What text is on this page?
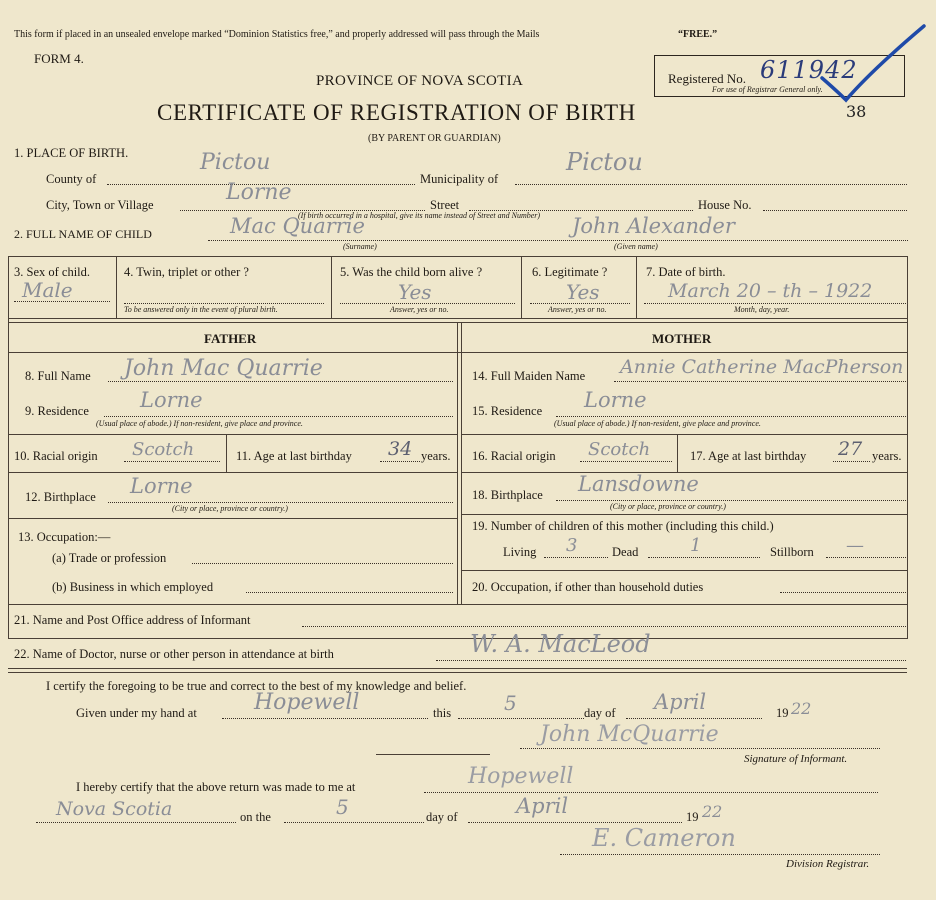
This form if placed in an unsealed envelope marked “Dominion Statistics free,” and properly addressed will pass through the Mails	“FREE.”
FORM 4.
PROVINCE OF NOVA SCOTIA	Registered No. 611942
For use of Registrar General only.
38
CERTIFICATE OF REGISTRATION OF BIRTH
(BY PARENT OR GUARDIAN)
1. PLACE OF BIRTH.
County of
Pictou
Municipality of
Pictou
City, Town or Village	Lorne	Street	House No.
(If birth occurred in a hospital, give its name instead of Street and Number)
2. FULL NAME OF CHILD	Mac Quarrie	John Alexander
(Surname)	(Given name)
3. Sex of child.
Male
4. Twin, triplet or other ?
To be answered only in the event of plural birth.
5. Was the child born alive ?
Yes
Answer, yes or no.
6. Legitimate ?
Yes
Answer, yes or no.
7. Date of birth.
March 20 – th – 1922
Month, day, year.
FATHER	MOTHER
8. Full Name John Mac Quarrie
9. Residence Lorne
(Usual place of abode.) If non-resident, give place and province.
10. Racial origin Scotch	11. Age at last birthday 34 years.
12. Birthplace Lorne
(City or place, province or country.)
13. Occupation:—
(a) Trade or profession
(b) Business in which employed
14. Full Maiden Name Annie Catherine MacPherson
15. Residence Lorne
(Usual place of abode.) If non-resident, give place and province.
16. Racial origin Scotch	17. Age at last birthday 27 years.
18. Birthplace Lansdowne
(City or place, province or country.)
19. Number of children of this mother (including this child.)
Living 3	Dead	1	Stillborn —
20. Occupation, if other than household duties
21. Name and Post Office address of Informant
22. Name of Doctor, nurse or other person in attendance at birth	W. A. MacLeod
I certify the foregoing to be true and correct to the best of my knowledge and belief.
Given under my hand at	Hopewell	this	5	day of April	19 22
John McQuarrie
Signature of Informant.
I hereby certify that the above return was made to me at	Hopewell
Nova Scotia	on the	5	day of	April	19 22
E. Cameron
Division Registrar.
